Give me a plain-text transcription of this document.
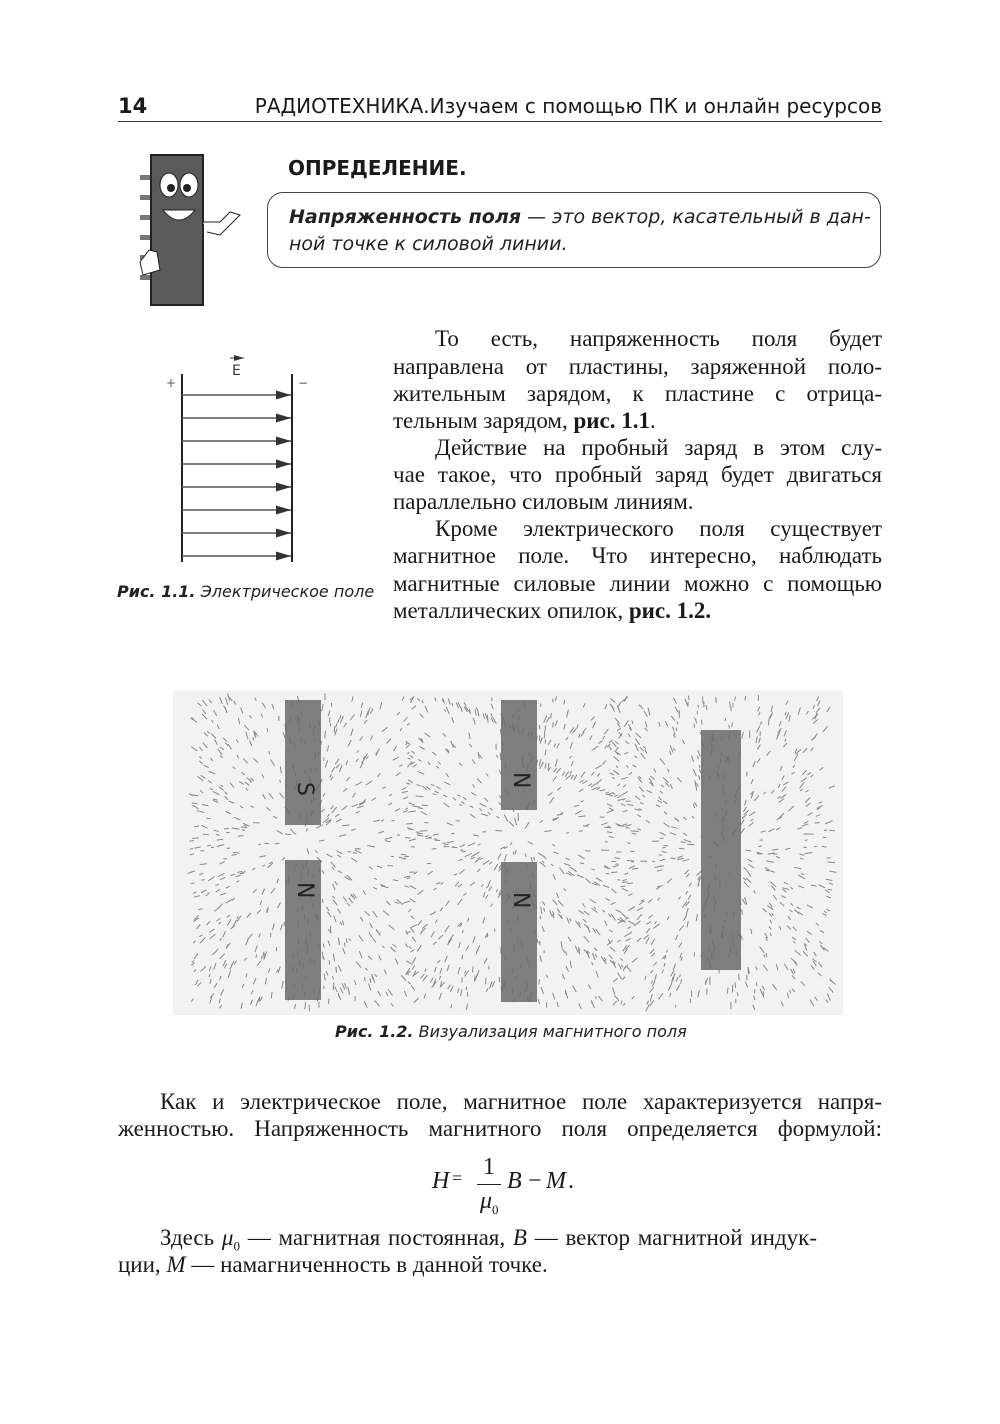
14	РАДИОТЕХНИКА.Изучаем с помощью ПК и онлайн ресурсов
ОПРЕДЕЛЕНИЕ.
Напряженность поля — это вектор, касательный в дан-
ной точке к силовой линии.
E
+	−
Рис. 1.1. Электрическое поле
То есть, напряженность поля будет
направлена от пластины, заряженной поло-
жительным зарядом, к пластине с отрица-
тельным зарядом, рис. 1.1.
Действие на пробный заряд в этом слу-
чае такое, что пробный заряд будет двигаться
параллельно силовым линиям.
Кроме электрического поля существует
магнитное поле. Что интересно, наблюдать
магнитные силовые линии можно с помощью
металлических опилок, рис. 1.2.
S
N
N
N
Рис. 1.2. Визуализация магнитного поля
Как и электрическое поле, магнитное поле характеризуется напря-
женностью. Напряженность магнитного поля определяется формулой:
H = 1
$\mu_0$
B − M .
Здесь $\mu_0$ — магнитная постоянная, B — вектор магнитной индук-
ции, M — намагниченность в данной точке.
